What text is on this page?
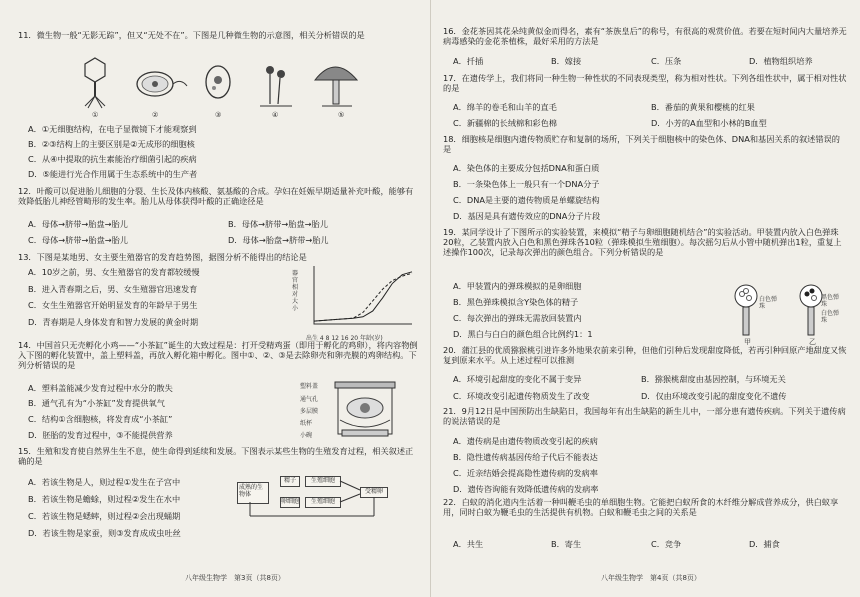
11．微生物一般“无影无踪”，但又“无处不在”。下图是几种微生物的示意图，相关分析错误的是
①	②	③	④	⑤
A．①无细胞结构，在电子显微镜下才能观察到
B．②③结构上的主要区别是②无成形的细胞核
C．从④中提取的抗生素能治疗细菌引起的疾病
D．⑤能进行光合作用属于生态系统中的生产者
12．叶酸可以促进胎儿细胞的分裂、生长及体内核酸、氨基酸的合成。孕妇在妊娠早期适量补充叶酸，能够有效降低胎儿神经管畸形的发生率。胎儿从母体获得叶酸的正确途径是
A．母体→脐带→胎盘→胎儿	B．母体→脐带→胎盘→胎儿
C．母体→脐带→胎盘→胎儿	D．母体→胎盘→脐带→胎儿
13．下图是某地男、女主要生殖器官的发育趋势图，据图分析不能得出的结论是
A．10岁之前，男、女生殖器官的发育都较缓慢
B．进入青春期之后，男、女生殖器官迅速发育
C．女生生殖器官开始明显发育的年龄早于男生
D．青春期是人身体发育和智力发展的黄金时期
器官相对大小
出生 4 8 12 16 20 年龄(岁)
14．中国首只无壳孵化小鸡——“小茶缸”诞生的大致过程是：打开受精鸡蛋（即用于孵化的鸡卵），将内容物倒入下图的孵化装置中，盖上塑料盖，再放入孵化箱中孵化。图中①、②、③是去除卵壳和卵壳膜的鸡卵结构。下列分析错误的是
A．塑料盖能减少发育过程中水分的散失
B．通气孔有为“小茶缸”发育提供氧气
C．结构①含细胞核，将发育成“小茶缸”
D．胚胎的发育过程中，③不能提供营养
塑料盖
通气孔
多层膜
纸杯
小碗
15．生殖和发育使自然界生生不息，使生命得到延续和发展。下图表示某些生物的生殖发育过程，相关叙述正确的是
A．若该生物是人，则过程①发生在子宫中
B．若该生物是蟾蜍，则过程②发生在水中
C．若该生物是蟋蟀，则过程②会出现蛹期
D．若该生物是家蚕，则③发育成成虫吐丝
成熟的生物体
精子
卵细胞
生殖细胞
生殖细胞
受精卵
八年级生物学　第3页（共8页）
16．金花茶因其花朵纯黄似金而得名，素有“茶族皇后”的称号，有很高的观赏价值。若要在短时间内大量培养无病毒感染的金花茶植株，最好采用的方法是
A．扦插	B．嫁接	C．压条	D．植物组织培养
17．在遗传学上，我们将同一种生物一种性状的不同表现类型，称为相对性状。下列各组性状中，属于相对性状的是
A．绵羊的卷毛和山羊的直毛	B．番茄的黄果和樱桃的红果
C．新疆棉的长绒棉和彩色棉	D．小芳的A血型和小林的B血型
18．细胞核是细胞内遗传物质贮存和复制的场所，下列关于细胞核中的染色体、DNA和基因关系的叙述错误的是
A．染色体的主要成分包括DNA和蛋白质
B．一条染色体上一般只有一个DNA分子
C．DNA是主要的遗传物质是单螺旋结构
D．基因是具有遗传效应的DNA分子片段
19．某同学设计了下图所示的实验装置，来模拟“精子与卵细胞随机结合”的实验活动。甲装置内放入白色弹珠20粒，乙装置内放入白色和黑色弹珠各10粒（弹珠模拟生殖细胞）。每次摇匀后从小管中随机弹出1粒，重复上述操作100次，记录每次弹出的颜色组合。下列分析错误的是
A．甲装置内的弹珠模拟的是卵细胞
B．黑色弹珠模拟含Y染色体的精子
C．每次弹出的弹珠无需放回装置内
D．黑白与白白的颜色组合比例约1：1
白色弹珠
黑色弹珠
白色弹珠
甲	乙
20．蒲江县的优质猕猴桃引进许多外地果农前来引种，但他们引种后发现甜度降低，若再引种回原产地甜度又恢复到原来水平。从上述过程可以推测
A．环境引起甜度的变化不属于变异	B．猕猴桃甜度由基因控制，与环境无关
C．环境改变引起遗传物质发生了改变	D．仅由环境改变引起的甜度变化不遗传
21．9月12日是中国预防出生缺陷日，我国每年有出生缺陷的新生儿中，一部分患有遗传疾病。下列关于遗传病的说法错误的是
A．遗传病是由遗传物质改变引起的疾病
B．隐性遗传病基因传给子代后不能表达
C．近亲结婚会提高隐性遗传病的发病率
D．遗传咨询能有效降低遗传病的发病率
22．白蚁的消化道内生活着一种叫鞭毛虫的单细胞生物。它能把白蚁所食的木纤维分解成营养成分，供白蚁享用，同时白蚁为鞭毛虫的生活提供有机物。白蚁和鞭毛虫之间的关系是
A．共生	B．寄生	C．竞争	D．捕食
八年级生物学　第4页（共8页）
